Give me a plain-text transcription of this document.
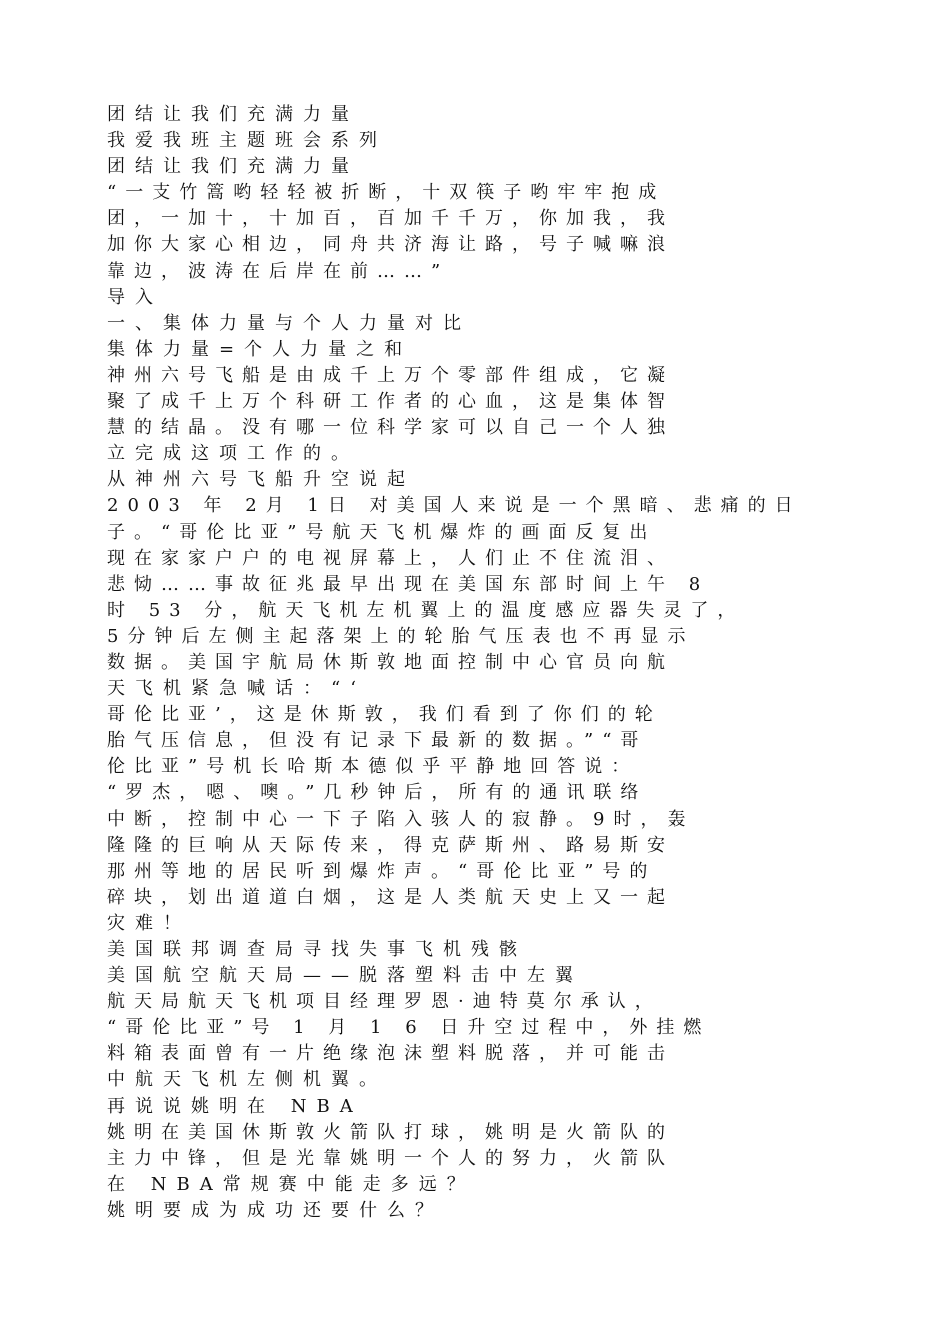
团结让我们充满力量
我爱我班主题班会系列
团结让我们充满力量
“一支竹篙哟轻轻被折断，十双筷子哟牢牢抱成
团，一加十，十加百，百加千千万，你加我，我
加你大家心相边，同舟共济海让路，号子喊嘛浪
靠边，波涛在后岸在前……”
导入
一、集体力量与个人力量对比
集体力量=个人力量之和
神州六号飞船是由成千上万个零部件组成，它凝
聚了成千上万个科研工作者的心血，这是集体智
慧的结晶。没有哪一位科学家可以自己一个人独
立完成这项工作的。
从神州六号飞船升空说起
2003 年 2月 1日 对美国人来说是一个黑暗、悲痛的日
子。“哥伦比亚”号航天飞机爆炸的画面反复出
现在家家户户的电视屏幕上，人们止不住流泪、
悲恸……事故征兆最早出现在美国东部时间上午 8
时 53 分，航天飞机左机翼上的温度感应器失灵了，
5分钟后左侧主起落架上的轮胎气压表也不再显示
数据。美国宇航局休斯敦地面控制中心官员向航
天飞机紧急喊话：“‘
哥伦比亚’，这是休斯敦，我们看到了你们的轮
胎气压信息，但没有记录下最新的数据。”“哥
伦比亚”号机长哈斯本德似乎平静地回答说：
“罗杰，嗯、噢。”几秒钟后，所有的通讯联络
中断，控制中心一下子陷入骇人的寂静。9时，轰
隆隆的巨响从天际传来，得克萨斯州、路易斯安
那州等地的居民听到爆炸声。“哥伦比亚”号的
碎块，划出道道白烟，这是人类航天史上又一起
灾难！
美国联邦调查局寻找失事飞机残骸
美国航空航天局——脱落塑料击中左翼
航天局航天飞机项目经理罗恩·迪特莫尔承认，
“哥伦比亚”号 1 月 1 6 日升空过程中，外挂燃
料箱表面曾有一片绝缘泡沫塑料脱落，并可能击
中航天飞机左侧机翼。
再说说姚明在 NBA
姚明在美国休斯敦火箭队打球，姚明是火箭队的
主力中锋，但是光靠姚明一个人的努力，火箭队
在 NBA常规赛中能走多远？
姚明要成为成功还要什么？
